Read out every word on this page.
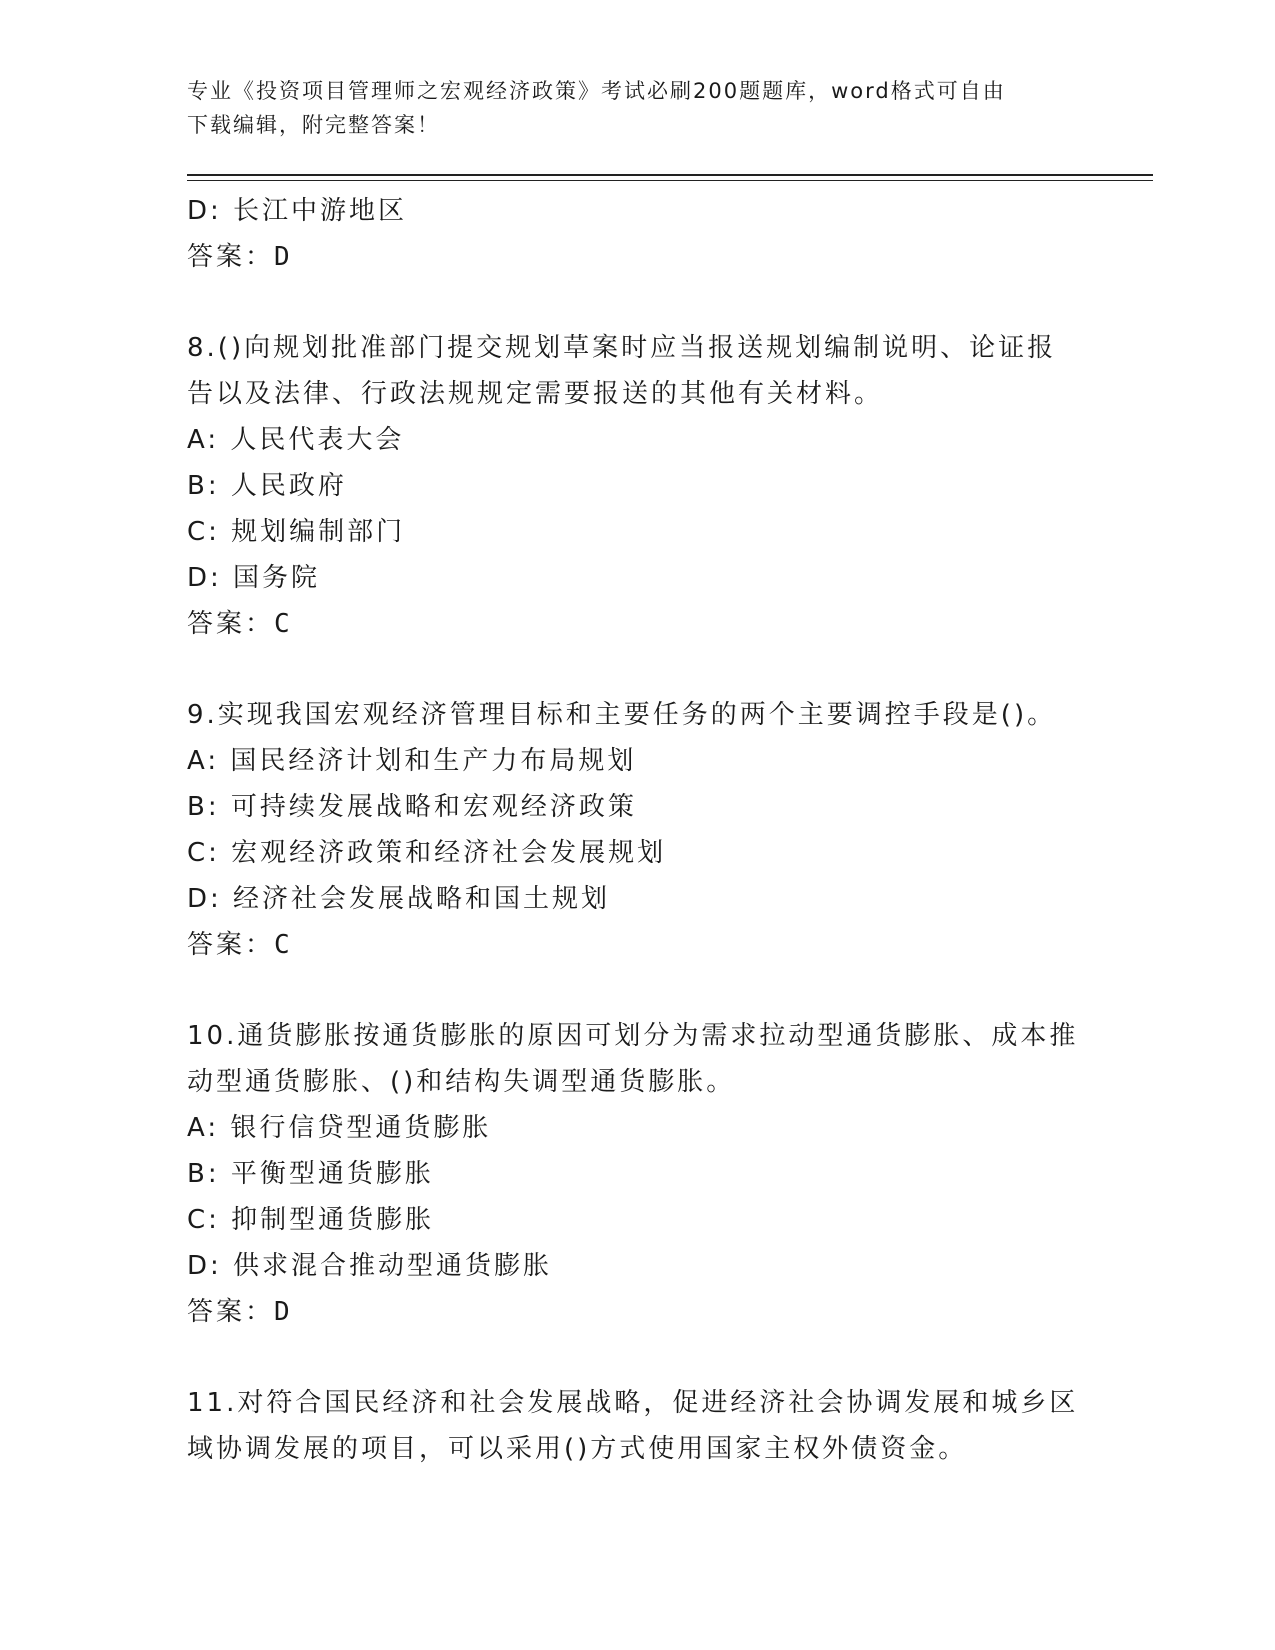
专业《投资项目管理师之宏观经济政策》考试必刷200题题库，word格式可自由
下载编辑，附完整答案！
D: 长江中游地区
答案：D
8.()向规划批准部门提交规划草案时应当报送规划编制说明、论证报
告以及法律、行政法规规定需要报送的其他有关材料。
A: 人民代表大会
B: 人民政府
C: 规划编制部门
D: 国务院
答案：C
9.实现我国宏观经济管理目标和主要任务的两个主要调控手段是()。
A: 国民经济计划和生产力布局规划
B: 可持续发展战略和宏观经济政策
C: 宏观经济政策和经济社会发展规划
D: 经济社会发展战略和国土规划
答案：C
10.通货膨胀按通货膨胀的原因可划分为需求拉动型通货膨胀、成本推
动型通货膨胀、()和结构失调型通货膨胀。
A: 银行信贷型通货膨胀
B: 平衡型通货膨胀
C: 抑制型通货膨胀
D: 供求混合推动型通货膨胀
答案：D
11.对符合国民经济和社会发展战略，促进经济社会协调发展和城乡区
域协调发展的项目，可以采用()方式使用国家主权外债资金。
